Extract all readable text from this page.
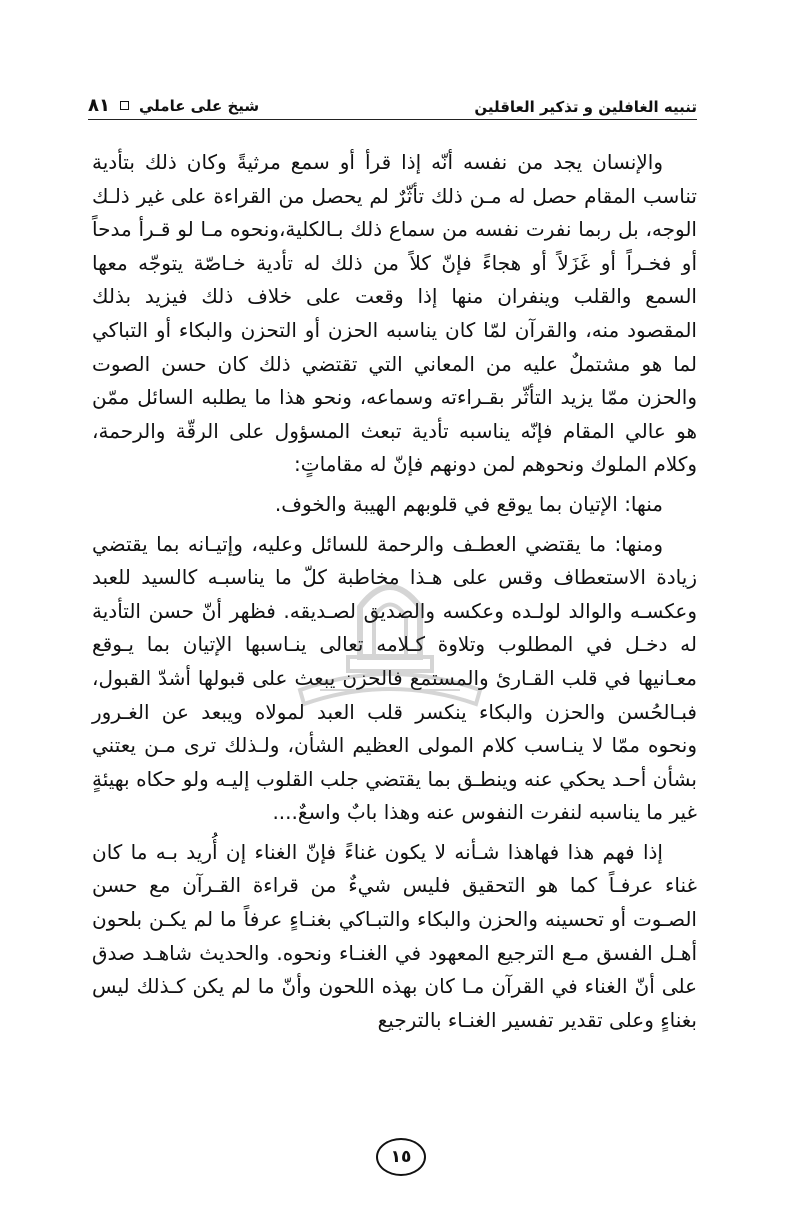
تنبيه الغافلين و تذكير العاقلين
شيخ على عاملي
٨١

والإنسان يجد من نفسه أنّه إذا قرأ أو سمع مرثيةً وكان ذلك بتأدية تناسب المقام حصل له مـن ذلك تأثّرٌ لم يحصل من القراءة على غير ذلـك الوجه، بل ربما نفرت نفسه من سماع ذلك بـالكلية،ونحوه مـا لو قـرأ مدحاً أو فخـراً أو غَزَلاً أو هجاءً فإنّ كلاً من ذلك له تأدية خـاصّة يتوجّه معها السمع والقلب وينفران منها إذا وقعت على خلاف ذلك فيزيد بذلك المقصود منه، والقرآن لمّا كان يناسبه الحزن أو التحزن والبكاء أو التباكي لما هو مشتملٌ عليه من المعاني التي تقتضي ذلك كان حسن الصوت والحزن ممّا يزيد التأثّر بقـراءته وسماعه، ونحو هذا ما يطلبه السائل ممّن هو عالي المقام فإنّه يناسبه تأدية تبعث المسؤول على الرقّة والرحمة، وكلام الملوك ونحوهم لمن دونهم فإنّ له مقاماتٍ:

منها: الإتيان بما يوقع في قلوبهم الهيبة والخوف.

ومنها: ما يقتضي العطـف والرحمة للسائل وعليه، وإتيـانه بما يقتضي زيادة الاستعطاف وقس على هـذا مخاطبة كلّ ما يناسبـه كالسيد للعبد وعكسـه والوالد لولـده وعكسه والصديق لصـديقه. فظهر أنّ حسن التأدية له دخـل في المطلوب وتلاوة كـلامه تعالى ينـاسبها الإتيان بما يـوقع معـانيها في قلب القـارئ والمستمع فالحزن يبعث على قبولها أشدّ القبول، فبـالحُسن والحزن والبكاء ينكسر قلب العبد لمولاه ويبعد عن الغـرور ونحوه ممّا لا ينـاسب كلام المولى العظيم الشأن، ولـذلك ترى مـن يعتني بشأن أحـد يحكي عنه وينطـق بما يقتضي جلب القلوب إليـه ولو حكاه بهيئةٍ غير ما يناسبه لنفرت النفوس عنه وهذا بابٌ واسعٌ....

إذا فهم هذا فهاهذا شـأنه لا يكون غناءً فإنّ الغناء إن أُريد بـه ما كان غناء عرفـاً كما هو التحقيق فليس شيءٌ من قراءة القـرآن مع حسن الصـوت أو تحسينه والحزن والبكاء والتبـاكي بغنـاءٍ عرفاً ما لم يكـن بلحون أهـل الفسق مـع الترجيع المعهود في الغنـاء ونحوه. والحديث شاهـد صدق على أنّ الغناء في القرآن مـا كان بهذه اللحون وأنّ ما لم يكن كـذلك ليس بغناءٍ وعلى تقدير تفسير الغنـاء بالترجيع

١٥
